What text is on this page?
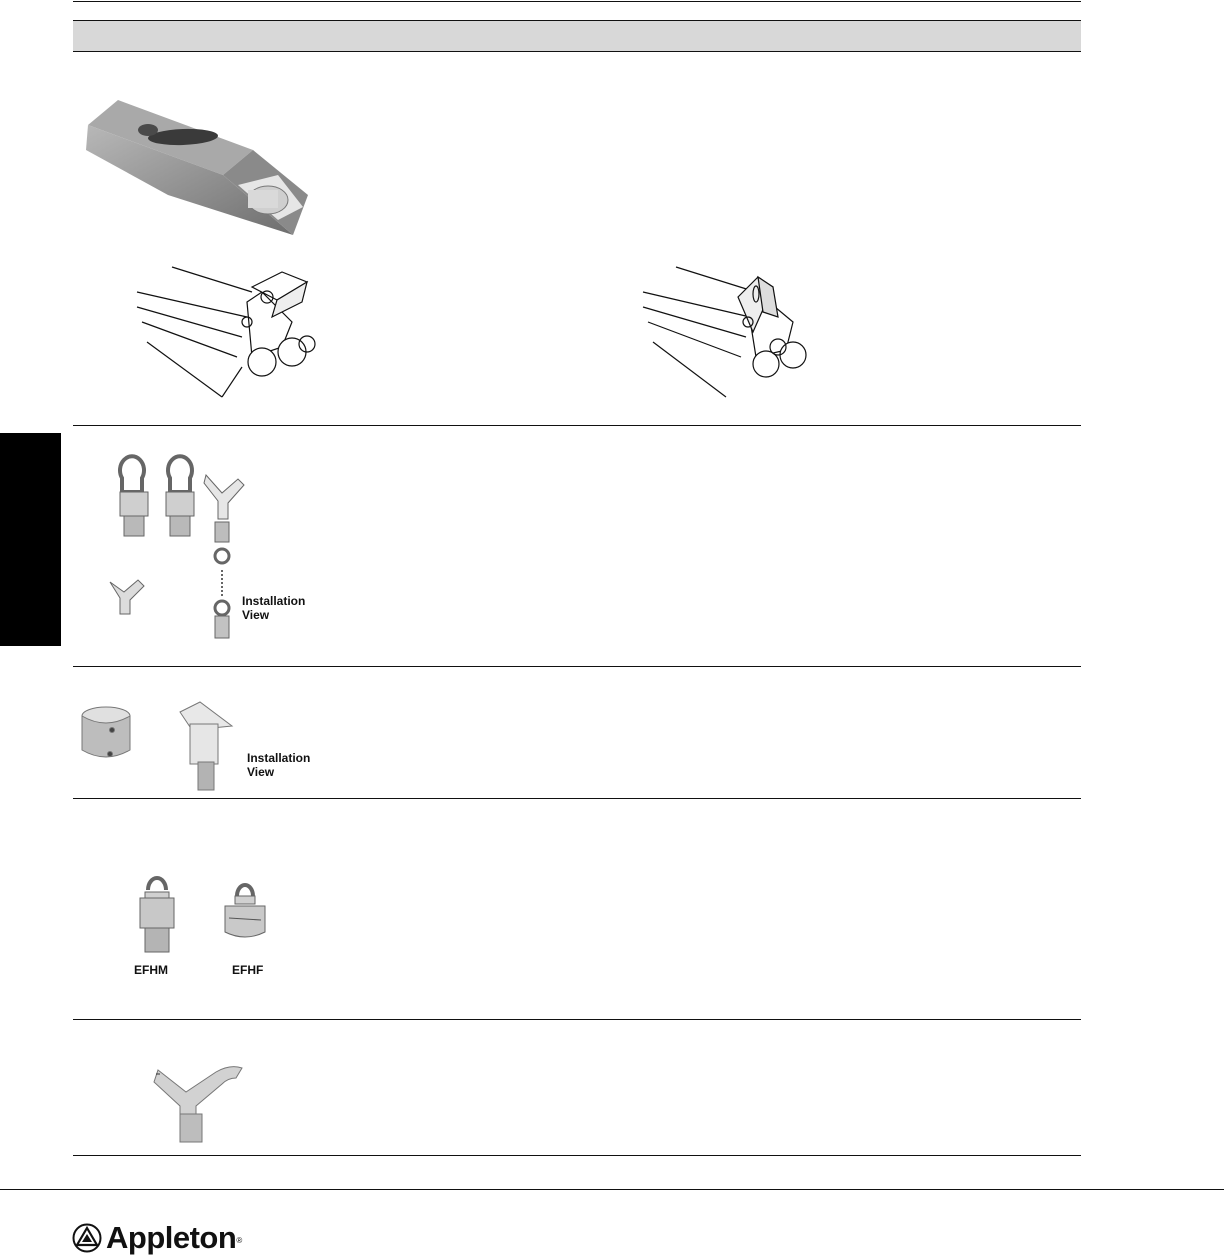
Installation
View
Installation
View
EFHM	EFHF
Appleton ®
